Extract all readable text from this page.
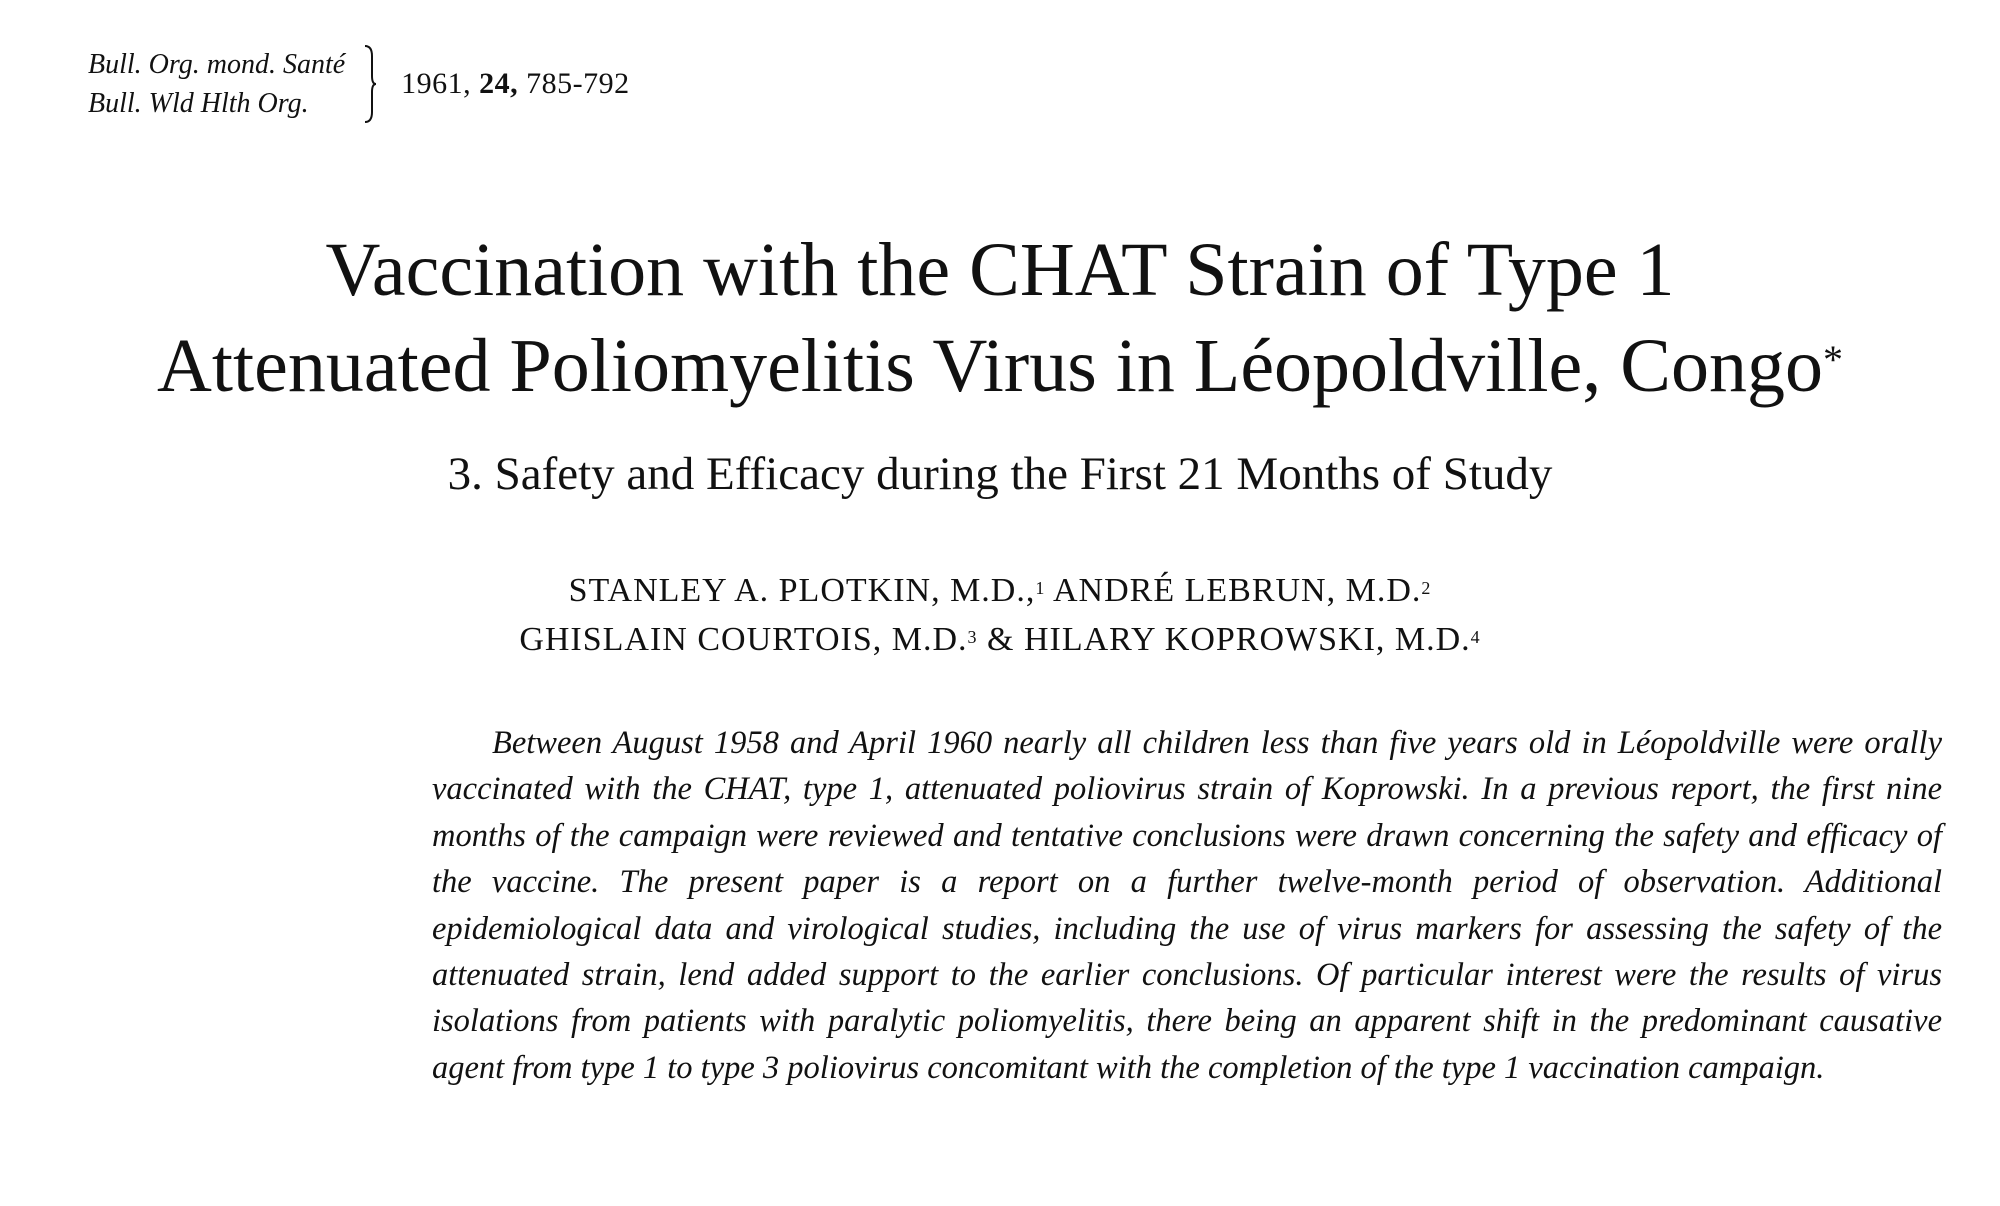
Bull. Org. mond. Santé
Bull. Wld Hlth Org.
1961, 24, 785-792
Vaccination with the CHAT Strain of Type 1
Attenuated Poliomyelitis Virus in Léopoldville, Congo*
3. Safety and Efficacy during the First 21 Months of Study
STANLEY A. PLOTKIN, M.D.,$^1$ ANDRÉ LEBRUN, M.D.$^2$
GHISLAIN COURTOIS, M.D.$^3$ & HILARY KOPROWSKI, M.D.$^4$

Between August 1958 and April 1960 nearly all children less than five years old in Léopoldville were orally vaccinated with the CHAT, type 1, attenuated poliovirus strain of Koprowski. In a previous report, the first nine months of the campaign were reviewed and tentative conclusions were drawn concerning the safety and efficacy of the vaccine. The present paper is a report on a further twelve-month period of observation. Additional epidemiological data and virological studies, including the use of virus markers for assessing the safety of the attenuated strain, lend added support to the earlier conclusions. Of particular interest were the results of virus isolations from patients with paralytic poliomyelitis, there being an apparent shift in the predominant causative agent from type 1 to type 3 poliovirus concomitant with the completion of the type 1 vaccination campaign.
